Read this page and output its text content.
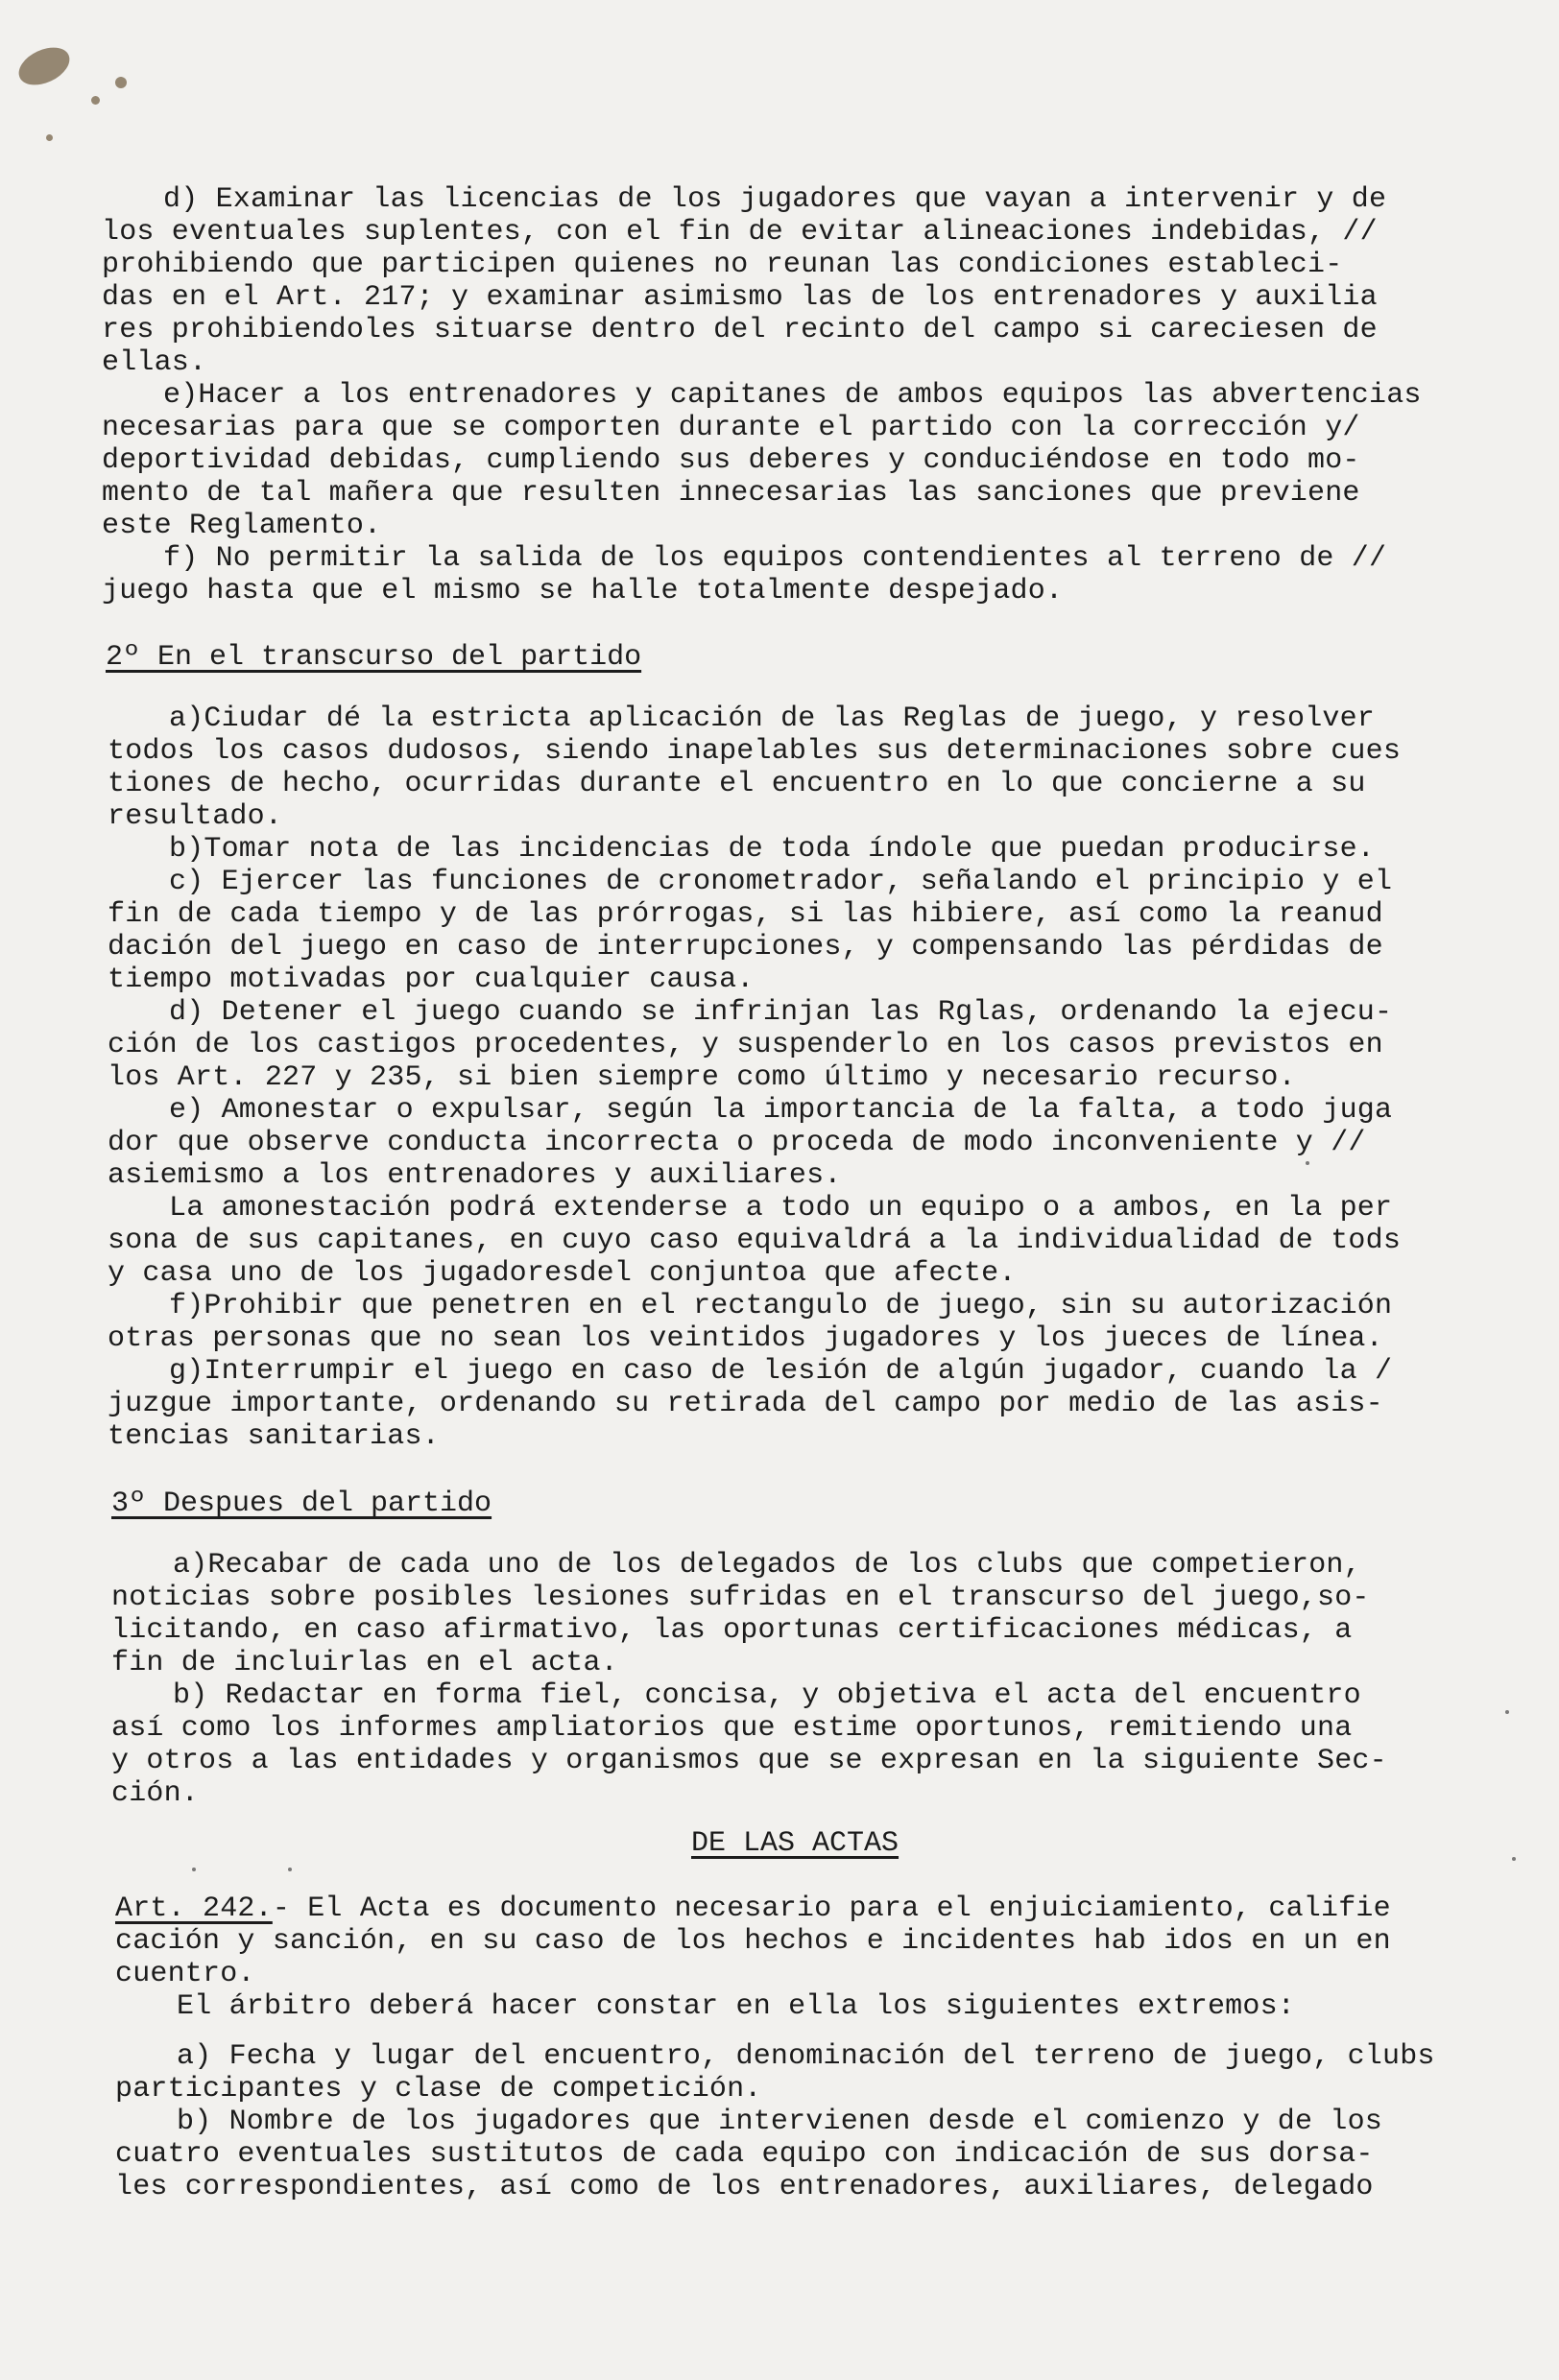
d) Examinar las licencias de los jugadores que vayan a intervenir y de
los eventuales suplentes, con el fin de evitar alineaciones indebidas, //
prohibiendo que participen quienes no reunan las condiciones estableci-
das en el Art. 217; y examinar asimismo las de los entrenadores y auxilia
res prohibiendoles situarse dentro del recinto del campo si careciesen de
ellas.
e)Hacer a los entrenadores y capitanes de ambos equipos las abvertencias
necesarias para que se comporten durante el partido con la corrección y/
deportividad debidas, cumpliendo sus deberes y conduciéndose en todo mo-
mento de tal mañera que resulten innecesarias las sanciones que previene
este Reglamento.
f) No permitir la salida de los equipos contendientes al terreno de //
juego hasta que el mismo se halle totalmente despejado.
2º En el transcurso del partido
a)Ciudar dé la estricta aplicación de las Reglas de juego, y resolver
todos los casos dudosos, siendo inapelables sus determinaciones sobre cues
tiones de hecho, ocurridas durante el encuentro en lo que concierne a su
resultado.
b)Tomar nota de las incidencias de toda índole que puedan producirse.
c) Ejercer las funciones de cronometrador, señalando el principio y el
fin de cada tiempo y de las prórrogas, si las hibiere, así como la reanud
dación del juego en caso de interrupciones, y compensando las pérdidas de
tiempo motivadas por cualquier causa.
d) Detener el juego cuando se infrinjan las Rglas, ordenando la ejecu-
ción de los castigos procedentes, y suspenderlo en los casos previstos en
los Art. 227 y 235, si bien siempre como último y necesario recurso.
e) Amonestar o expulsar, según la importancia de la falta, a todo juga
dor que observe conducta incorrecta o proceda de modo inconveniente y //
asiemismo a los entrenadores y auxiliares.
La amonestación podrá extenderse a todo un equipo o a ambos, en la per
sona de sus capitanes, en cuyo caso equivaldrá a la individualidad de tods
y casa uno de los jugadoresdel conjuntoa que afecte.
f)Prohibir que penetren en el rectangulo de juego, sin su autorización
otras personas que no sean los veintidos jugadores y los jueces de línea.
g)Interrumpir el juego en caso de lesión de algún jugador, cuando la /
juzgue importante, ordenando su retirada del campo por medio de las asis-
tencias sanitarias.
3º Despues del partido
a)Recabar de cada uno de los delegados de los clubs que competieron,
noticias sobre posibles lesiones sufridas en el transcurso del juego,so-
licitando, en caso afirmativo, las oportunas certificaciones médicas, a
fin de incluirlas en el acta.
b) Redactar en forma fiel, concisa, y objetiva el acta del encuentro
así como los informes ampliatorios que estime oportunos, remitiendo una
y otros a las entidades y organismos que se expresan en la siguiente Sec-
ción.
DE LAS ACTAS
Art. 242.- El Acta es documento necesario para el enjuiciamiento, califie
cación y sanción, en su caso de los hechos e incidentes hab idos en un en
cuentro.
El árbitro deberá hacer constar en ella los siguientes extremos:
a) Fecha y lugar del encuentro, denominación del terreno de juego, clubs
participantes y clase de competición.
b) Nombre de los jugadores que intervienen desde el comienzo y de los
cuatro eventuales sustitutos de cada equipo con indicación de sus dorsa-
les correspondientes, así como de los entrenadores, auxiliares, delegado
